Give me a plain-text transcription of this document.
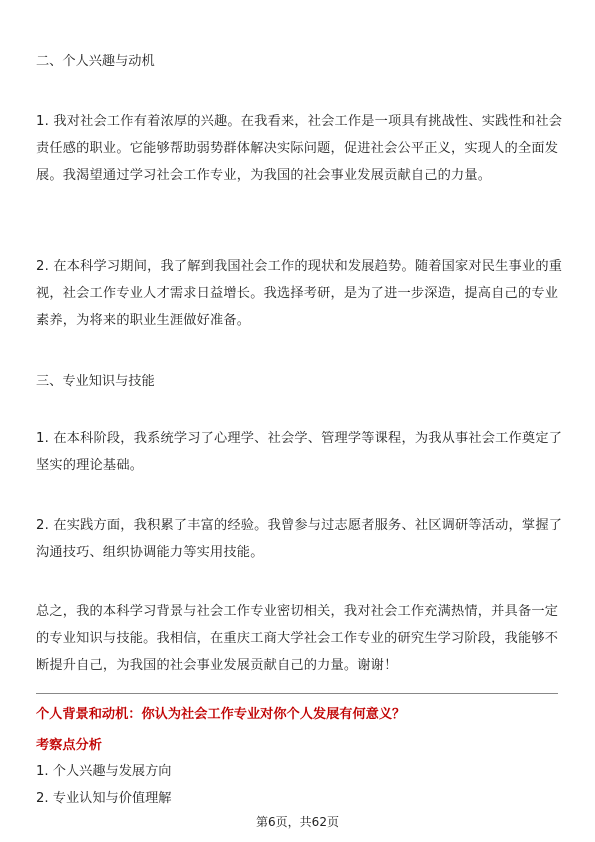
二、个人兴趣与动机
1. 我对社会工作有着浓厚的兴趣。在我看来，社会工作是一项具有挑战性、实践性和社会责任感的职业。它能够帮助弱势群体解决实际问题，促进社会公平正义，实现人的全面发展。我渴望通过学习社会工作专业，为我国的社会事业发展贡献自己的力量。
2. 在本科学习期间，我了解到我国社会工作的现状和发展趋势。随着国家对民生事业的重视，社会工作专业人才需求日益增长。我选择考研，是为了进一步深造，提高自己的专业素养，为将来的职业生涯做好准备。
三、专业知识与技能
1. 在本科阶段，我系统学习了心理学、社会学、管理学等课程，为我从事社会工作奠定了坚实的理论基础。
2. 在实践方面，我积累了丰富的经验。我曾参与过志愿者服务、社区调研等活动，掌握了沟通技巧、组织协调能力等实用技能。
总之，我的本科学习背景与社会工作专业密切相关，我对社会工作充满热情，并具备一定的专业知识与技能。我相信，在重庆工商大学社会工作专业的研究生学习阶段，我能够不断提升自己，为我国的社会事业发展贡献自己的力量。谢谢！
个人背景和动机：你认为社会工作专业对你个人发展有何意义？
考察点分析
1. 个人兴趣与发展方向
2. 专业认知与价值理解
第6页，共62页
